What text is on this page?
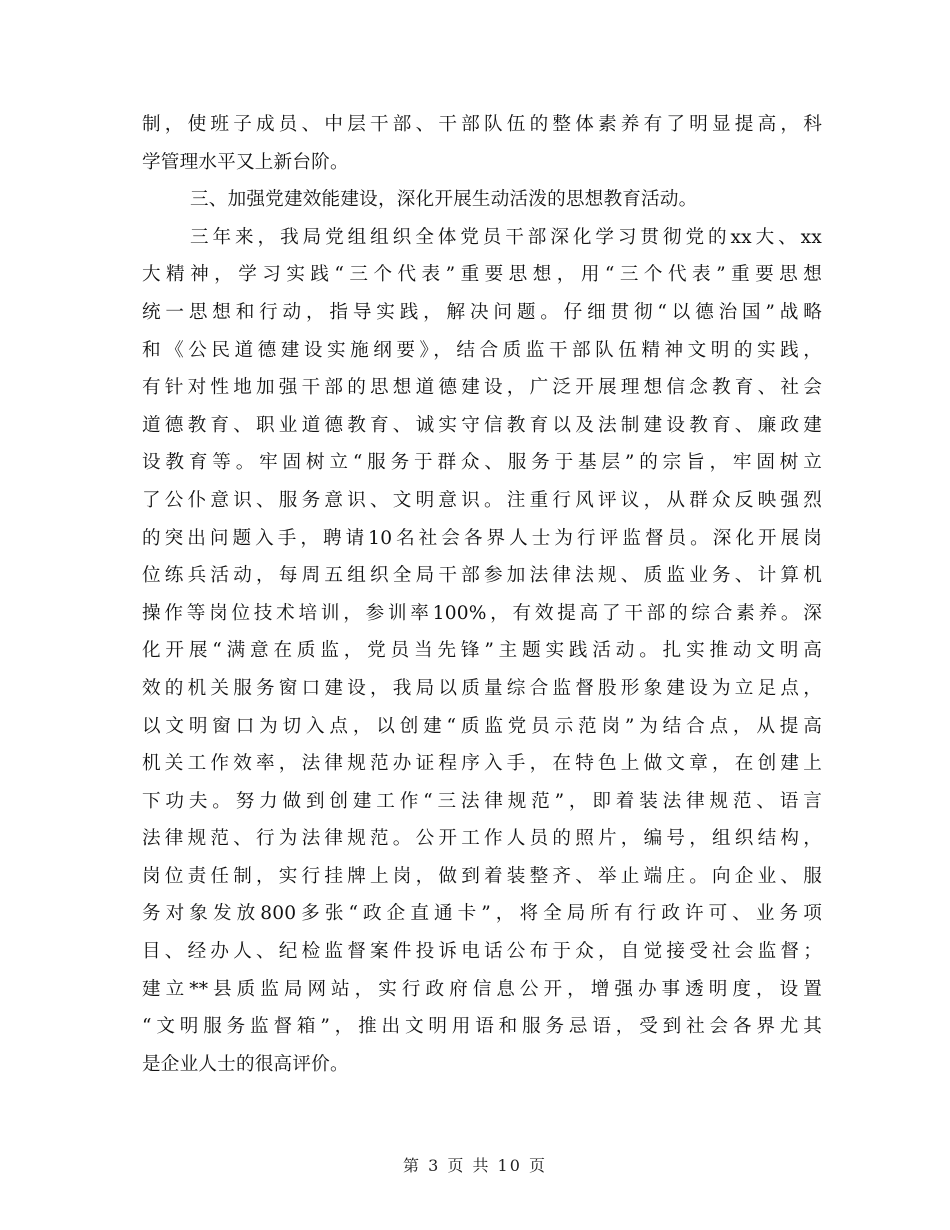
制，使班子成员、中层干部、干部队伍的整体素养有了明显提高，科
学管理水平又上新台阶。
三、加强党建效能建设，深化开展生动活泼的思想教育活动。
三年来，我局党组组织全体党员干部深化学习贯彻党的xx大、xx
大精神，学习实践“三个代表”重要思想，用“三个代表”重要思想
统一思想和行动，指导实践，解决问题。仔细贯彻“以德治国”战略
和《公民道德建设实施纲要》，结合质监干部队伍精神文明的实践，
有针对性地加强干部的思想道德建设，广泛开展理想信念教育、社会
道德教育、职业道德教育、诚实守信教育以及法制建设教育、廉政建
设教育等。牢固树立“服务于群众、服务于基层”的宗旨，牢固树立
了公仆意识、服务意识、文明意识。注重行风评议，从群众反映强烈
的突出问题入手，聘请10名社会各界人士为行评监督员。深化开展岗
位练兵活动，每周五组织全局干部参加法律法规、质监业务、计算机
操作等岗位技术培训，参训率100%，有效提高了干部的综合素养。深
化开展“满意在质监，党员当先锋”主题实践活动。扎实推动文明高
效的机关服务窗口建设，我局以质量综合监督股形象建设为立足点，
以文明窗口为切入点，以创建“质监党员示范岗”为结合点，从提高
机关工作效率，法律规范办证程序入手，在特色上做文章，在创建上
下功夫。努力做到创建工作“三法律规范”，即着装法律规范、语言
法律规范、行为法律规范。公开工作人员的照片，编号，组织结构，
岗位责任制，实行挂牌上岗，做到着装整齐、举止端庄。向企业、服
务对象发放800多张“政企直通卡”，将全局所有行政许可、业务项
目、经办人、纪检监督案件投诉电话公布于众，自觉接受社会监督；
建立**县质监局网站，实行政府信息公开，增强办事透明度，设置
“文明服务监督箱”，推出文明用语和服务忌语，受到社会各界尤其
是企业人士的很高评价。
第 3 页 共 10 页
